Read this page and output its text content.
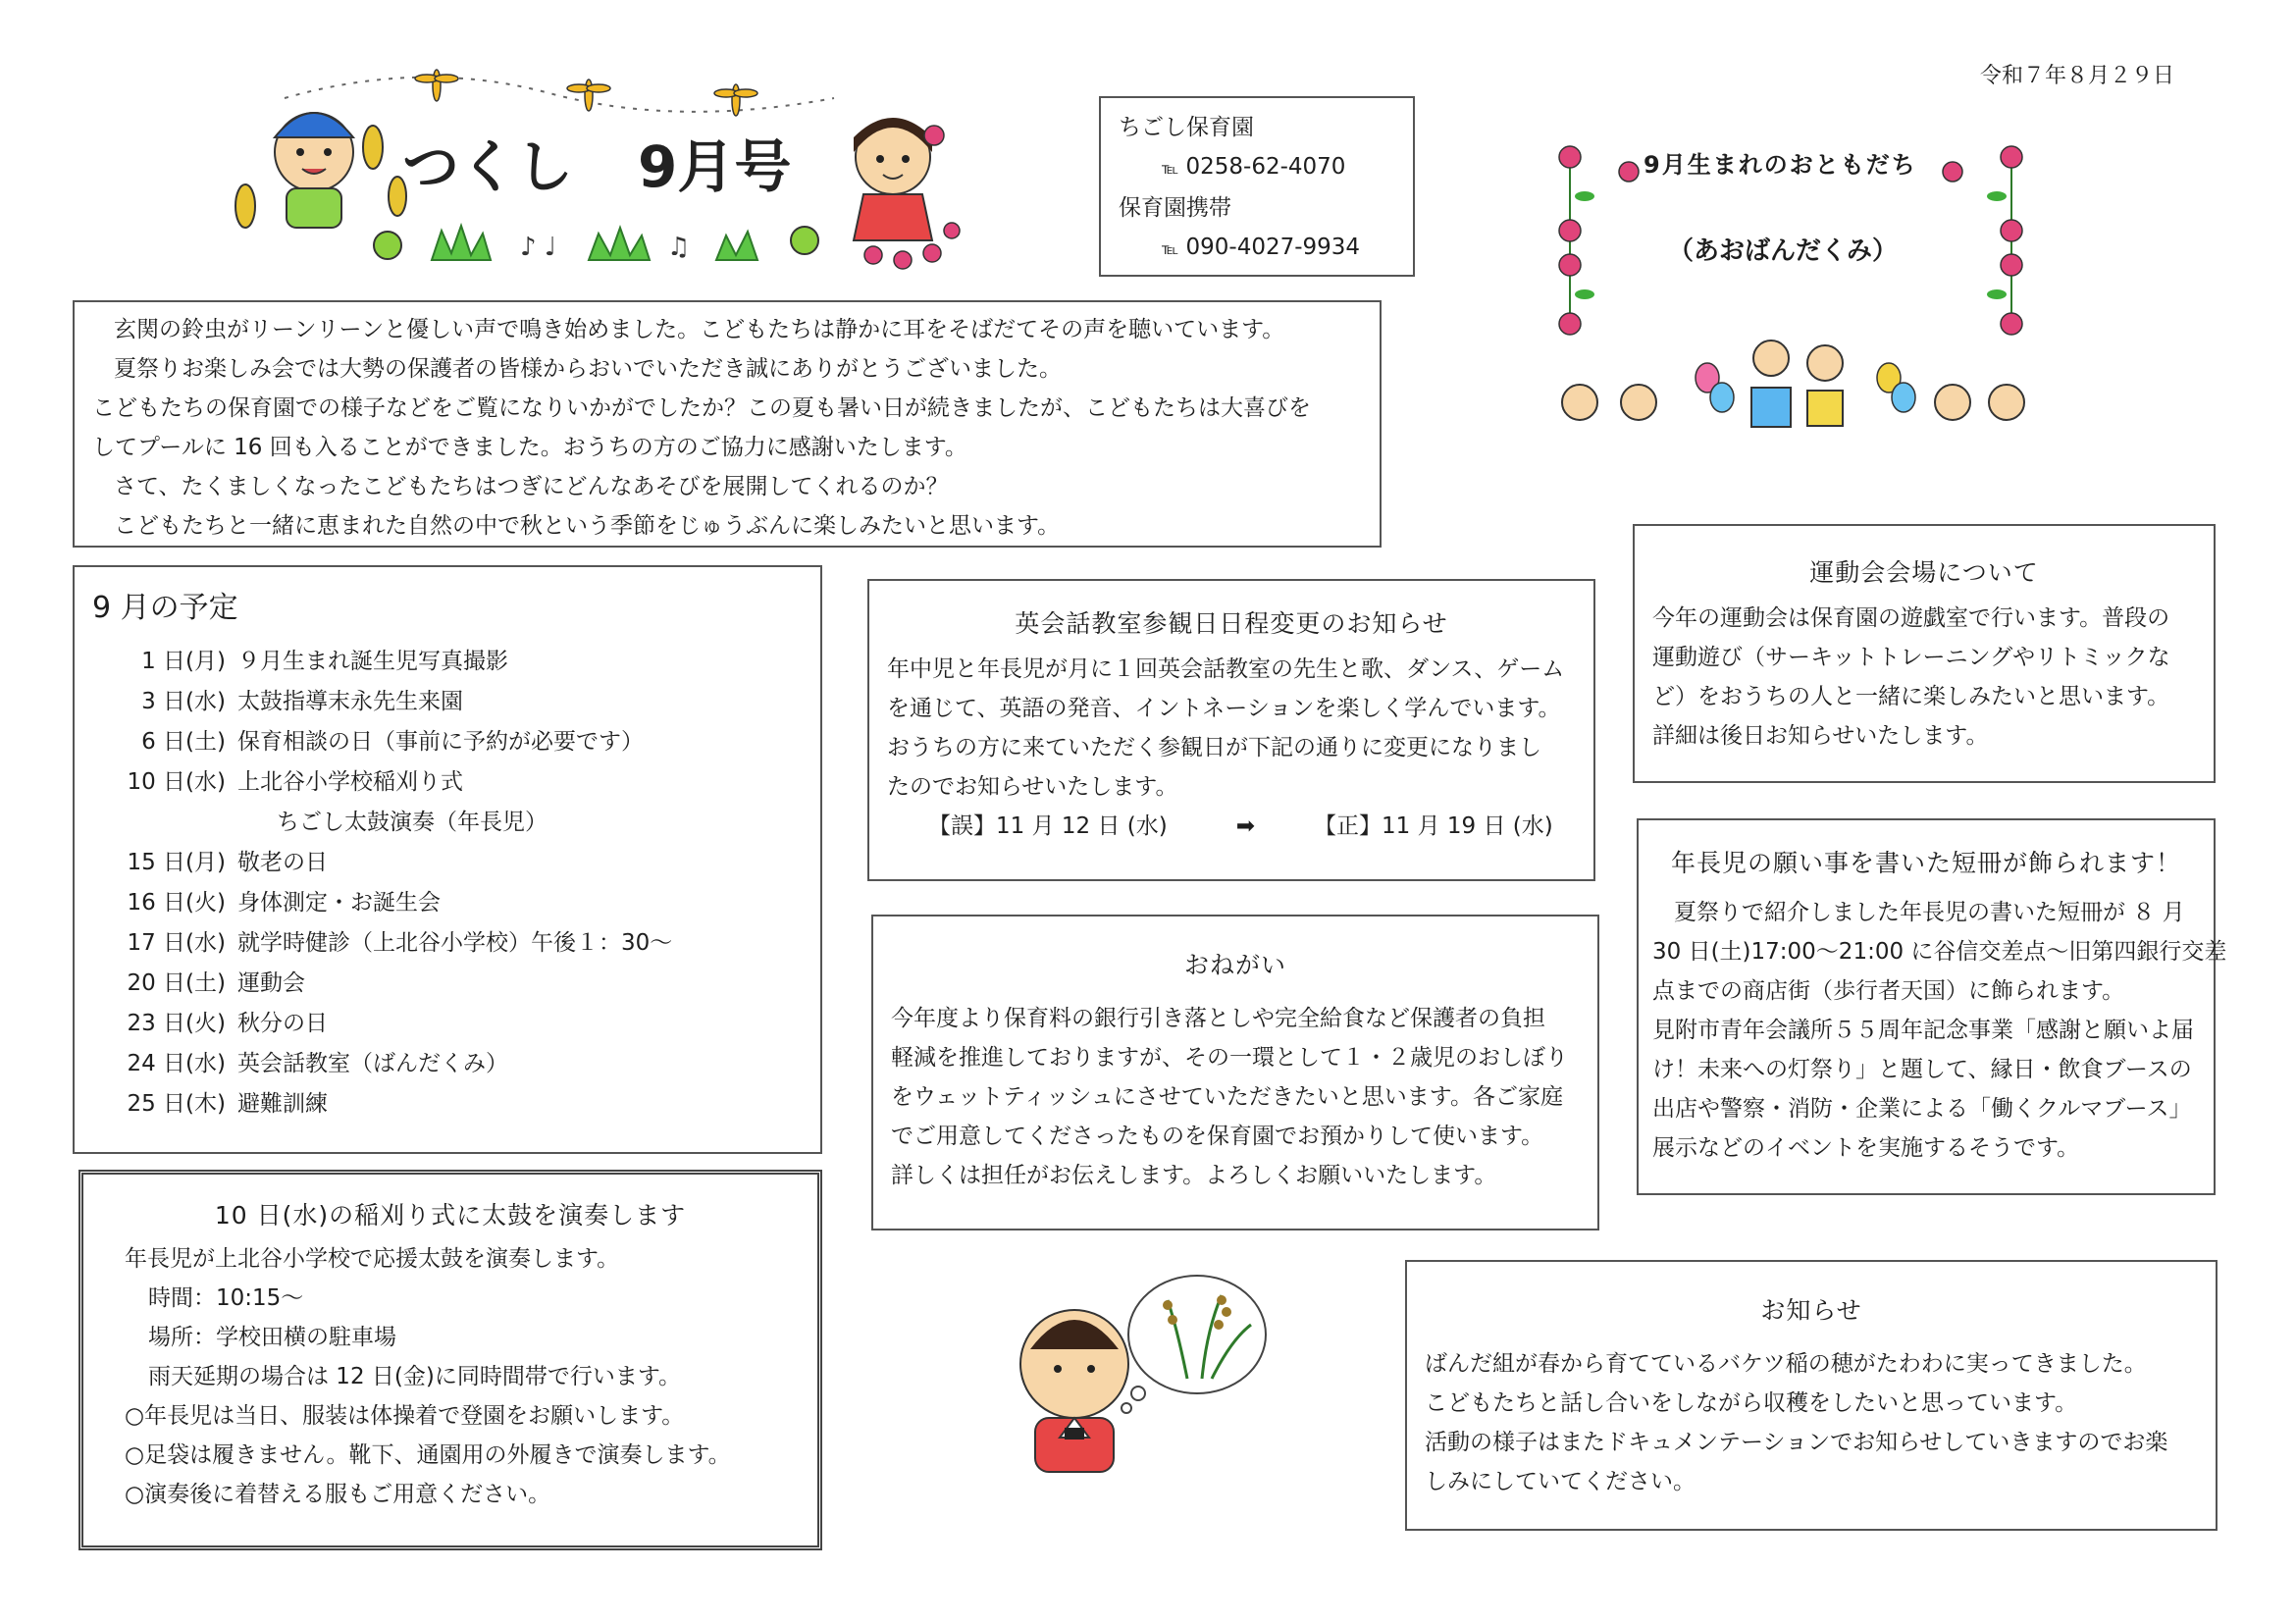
令和７年８月２９日
つくし 9月号
♪ ♩	♫
ちごし保育園
℡ 0258-62-4070
保育園携帯
℡ 090-4027-9934
9月生まれのおともだち
（あおばんだくみ）
玄関の鈴虫がリーンリーンと優しい声で鳴き始めました。こどもたちは静かに耳をそばだてその声を聴いています。
夏祭りお楽しみ会では大勢の保護者の皆様からおいでいただき誠にありがとうございました。
こどもたちの保育園での様子などをご覧になりいかがでしたか？この夏も暑い日が続きましたが、こどもたちは大喜びを
してプールに 16 回も入ることができました。おうちの方のご協力に感謝いたします。
さて、たくましくなったこどもたちはつぎにどんなあそびを展開してくれるのか？
こどもたちと一緒に恵まれた自然の中で秋という季節をじゅうぶんに楽しみたいと思います。
9 月の予定
1 日(月) ９月生まれ誕生児写真撮影
3 日(水) 太鼓指導末永先生来園
6 日(土) 保育相談の日（事前に予約が必要です）
10 日(水) 上北谷小学校稲刈り式
ちごし太鼓演奏（年長児）
15 日(月) 敬老の日
16 日(火) 身体測定・お誕生会
17 日(水) 就学時健診（上北谷小学校）午後１：30～
20 日(土) 運動会
23 日(火) 秋分の日
24 日(水) 英会話教室（ばんだくみ）
25 日(木) 避難訓練
10 日(水)の稲刈り式に太鼓を演奏します
年長児が上北谷小学校で応援太鼓を演奏します。
時間：10:15～
場所：学校田横の駐車場
雨天延期の場合は 12 日(金)に同時間帯で行います。
○年長児は当日、服装は体操着で登園をお願いします。
○足袋は履きません。靴下、通園用の外履きで演奏します。
○演奏後に着替える服もご用意ください。
英会話教室参観日日程変更のお知らせ
年中児と年長児が月に１回英会話教室の先生と歌、ダンス、ゲーム
を通じて、英語の発音、イントネーションを楽しく学んでいます。
おうちの方に来ていただく参観日が下記の通りに変更になりまし
たのでお知らせいたします。
【誤】11 月 12 日 (水)	➡	【正】11 月 19 日 (水)
おねがい
今年度より保育料の銀行引き落としや完全給食など保護者の負担
軽減を推進しておりますが、その一環として１・２歳児のおしぼり
をウェットティッシュにさせていただきたいと思います。各ご家庭
でご用意してくださったものを保育園でお預かりして使います。
詳しくは担任がお伝えします。よろしくお願いいたします。
運動会会場について
今年の運動会は保育園の遊戯室で行います。普段の
運動遊び（サーキットトレーニングやリトミックな
ど）をおうちの人と一緒に楽しみたいと思います。
詳細は後日お知らせいたします。
年長児の願い事を書いた短冊が飾られます！
夏祭りで紹介しました年長児の書いた短冊が ８ 月
30 日(土)17:00～21:00 に谷信交差点～旧第四銀行交差
点までの商店街（歩行者天国）に飾られます。
見附市青年会議所５５周年記念事業「感謝と願いよ届
け！未来への灯祭り」と題して、縁日・飲食ブースの
出店や警察・消防・企業による「働くクルマブース」
展示などのイベントを実施するそうです。
お知らせ
ばんだ組が春から育てているバケツ稲の穂がたわわに実ってきました。
こどもたちと話し合いをしながら収穫をしたいと思っています。
活動の様子はまたドキュメンテーションでお知らせしていきますのでお楽
しみにしていてください。
